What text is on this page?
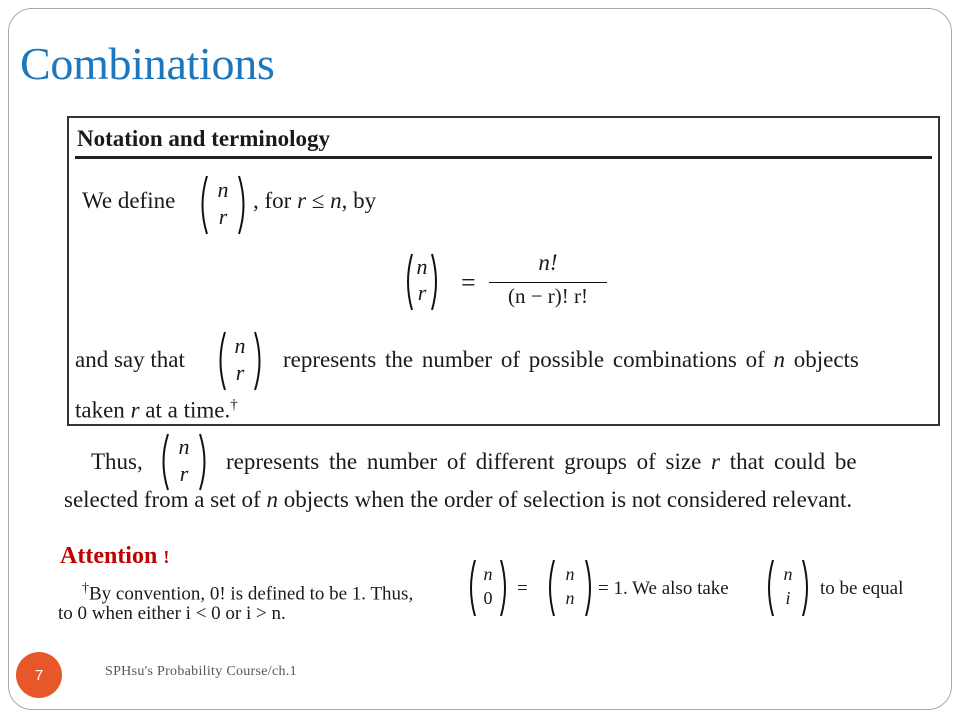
Combinations
Notation and terminology
We define	n
r
, for r ≤ n, by
n
r	=
n!
(n − r)! r!
and say that
n
r
represents the number of possible combinations of n objects
taken r at a time.†
Thus,
n
r	represents the number of different groups of size r that could be
selected from a set of n objects when the order of selection is not considered relevant.
Attention !
†By convention, 0! is defined to be 1. Thus,
n
0	=
n
n	= 1. We also take
n
i	to be equal
to 0 when either i < 0 or i > n.
7	SPHsu's Probability Course/ch.1
